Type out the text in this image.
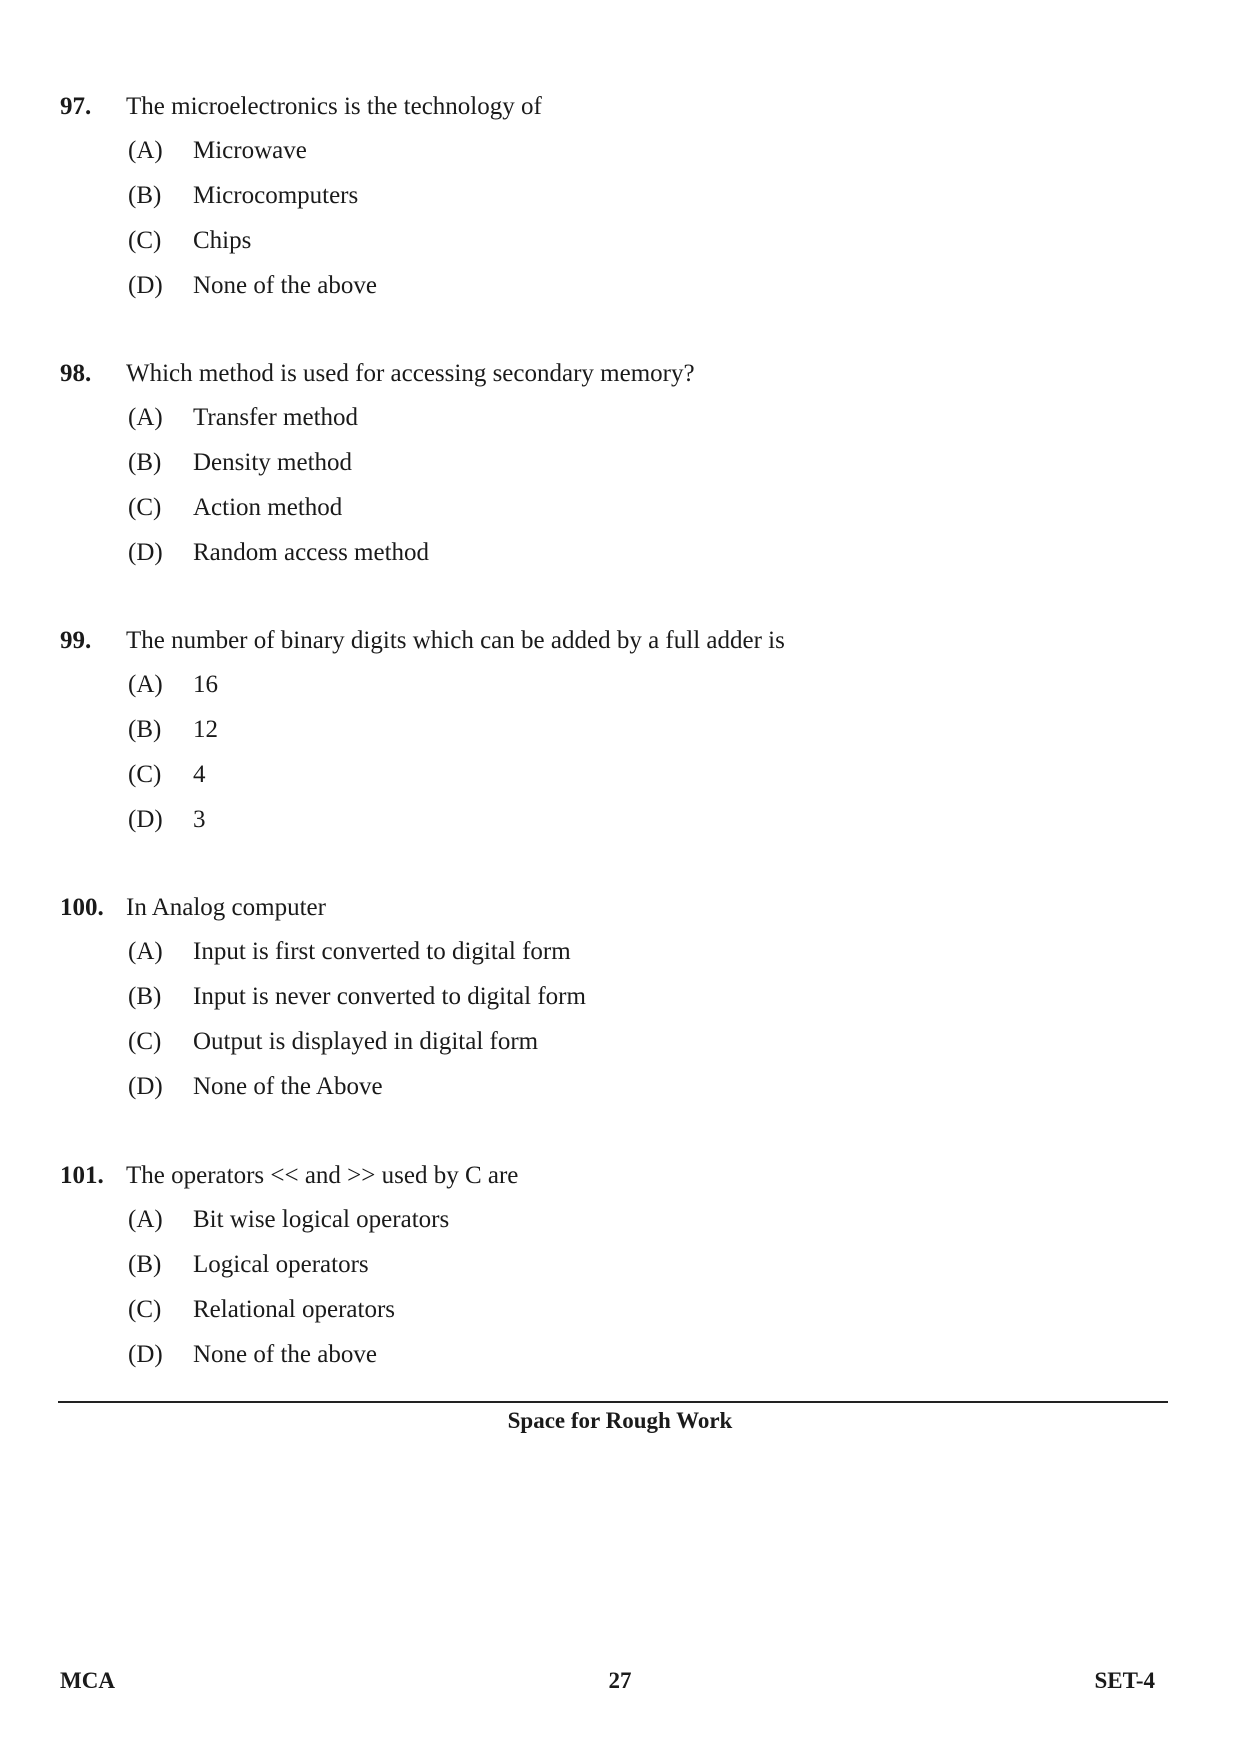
97.	The microelectronics is the technology of
(A)	Microwave
(B)	Microcomputers
(C)	Chips
(D)	None of the above
98.	Which method is used for accessing secondary memory?
(A)	Transfer method
(B)	Density method
(C)	Action method
(D)	Random access method
99.	The number of binary digits which can be added by a full adder is
(A)	16
(B)	12
(C)	4
(D)	3
100. In Analog computer
(A)	Input is first converted to digital form
(B)	Input is never converted to digital form
(C)	Output is displayed in digital form
(D)	None of the Above
101. The operators << and >> used by C are
(A)	Bit wise logical operators
(B)	Logical operators
(C)	Relational operators
(D)	None of the above
Space for Rough Work
MCA	27	SET-4
